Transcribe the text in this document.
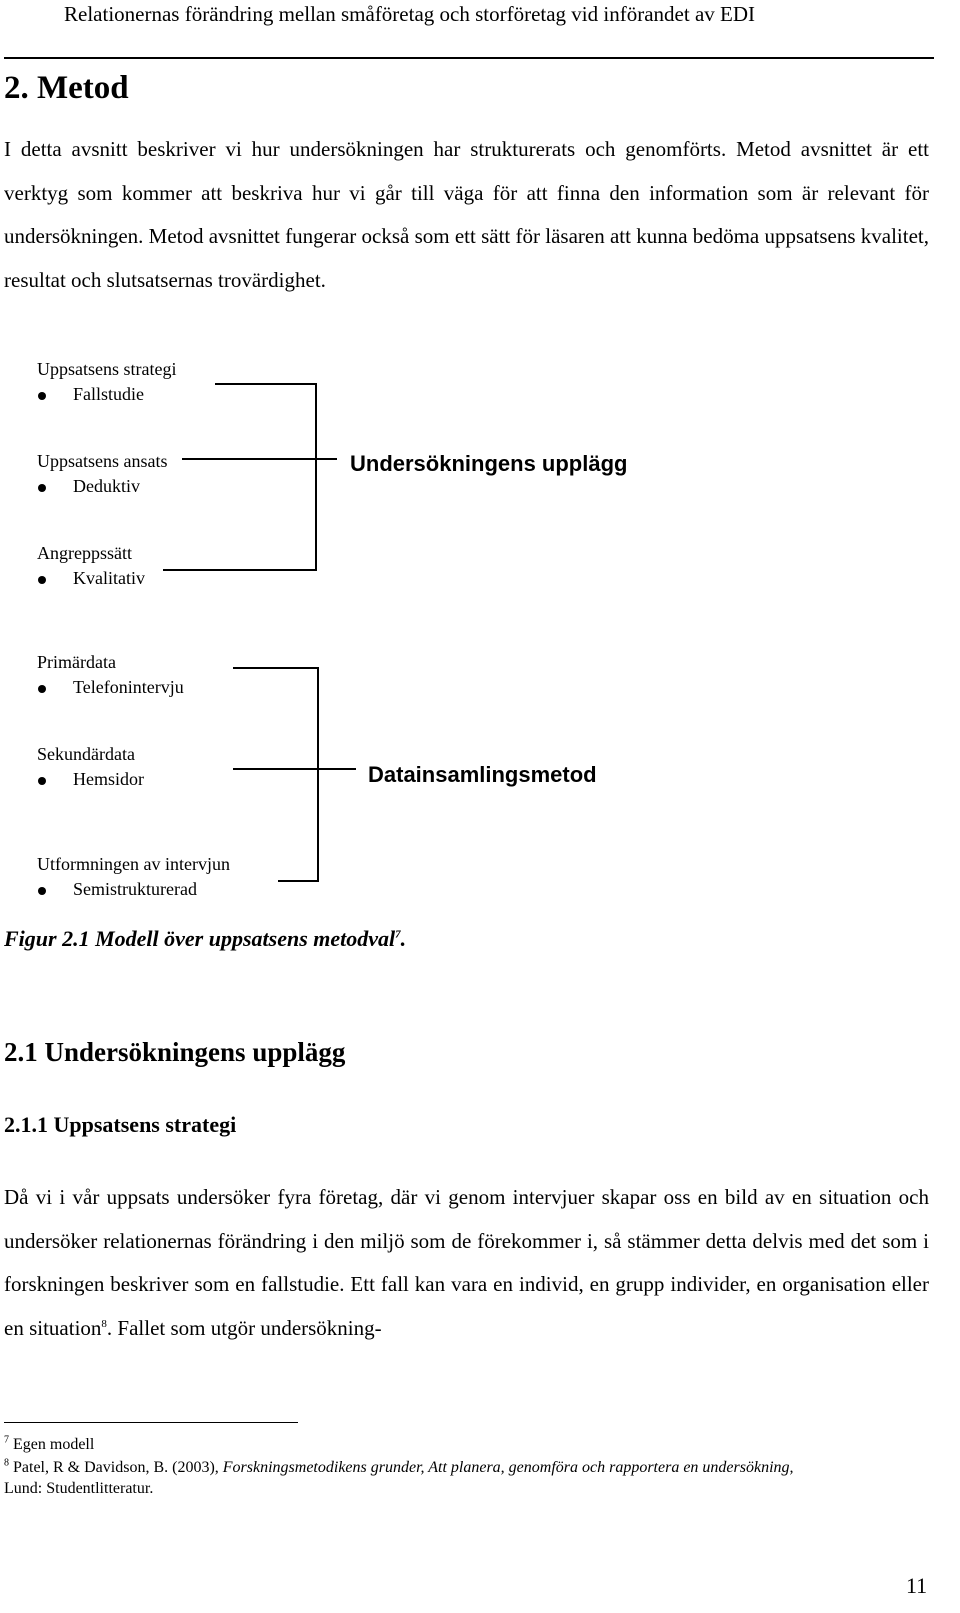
Relationernas förändring mellan småföretag och storföretag vid införandet av EDI
2. Metod

I detta avsnitt beskriver vi hur undersökningen har strukturerats och genomförts. Metod avsnittet är ett verktyg som kommer att beskriva hur vi går till väga för att finna den information som är relevant för undersökningen. Metod avsnittet fungerar också som ett sätt för läsaren att kunna bedöma uppsatsens kvalitet, resultat och slutsatsernas trovärdighet.

Uppsatsens strategi
Fallstudie
Uppsatsens ansats
Deduktiv
Angreppssätt
Kvalitativ
Undersökningens upplägg
Primärdata
Telefonintervju
Sekundärdata
Hemsidor
Utformningen av intervjun
Semistrukturerad
Datainsamlingsmetod
Figur 2.1 Modell över uppsatsens metodval$^7$.
2.1 Undersökningens upplägg
2.1.1 Uppsatsens strategi

Då vi i vår uppsats undersöker fyra företag, där vi genom intervjuer skapar oss en bild av en situation och undersöker relationernas förändring i den miljö som de förekommer i, så stämmer detta delvis med det som i forskningen beskriver som en fallstudie. Ett fall kan vara en individ, en grupp individer, en organisation eller en situation$^8$. Fallet som utgör undersökning-

$^7$ Egen modell
$^8$ Patel, R & Davidson, B. (2003), Forskningsmetodikens grunder, Att planera, genomföra och rapportera en undersökning,
Lund: Studentlitteratur.
11
